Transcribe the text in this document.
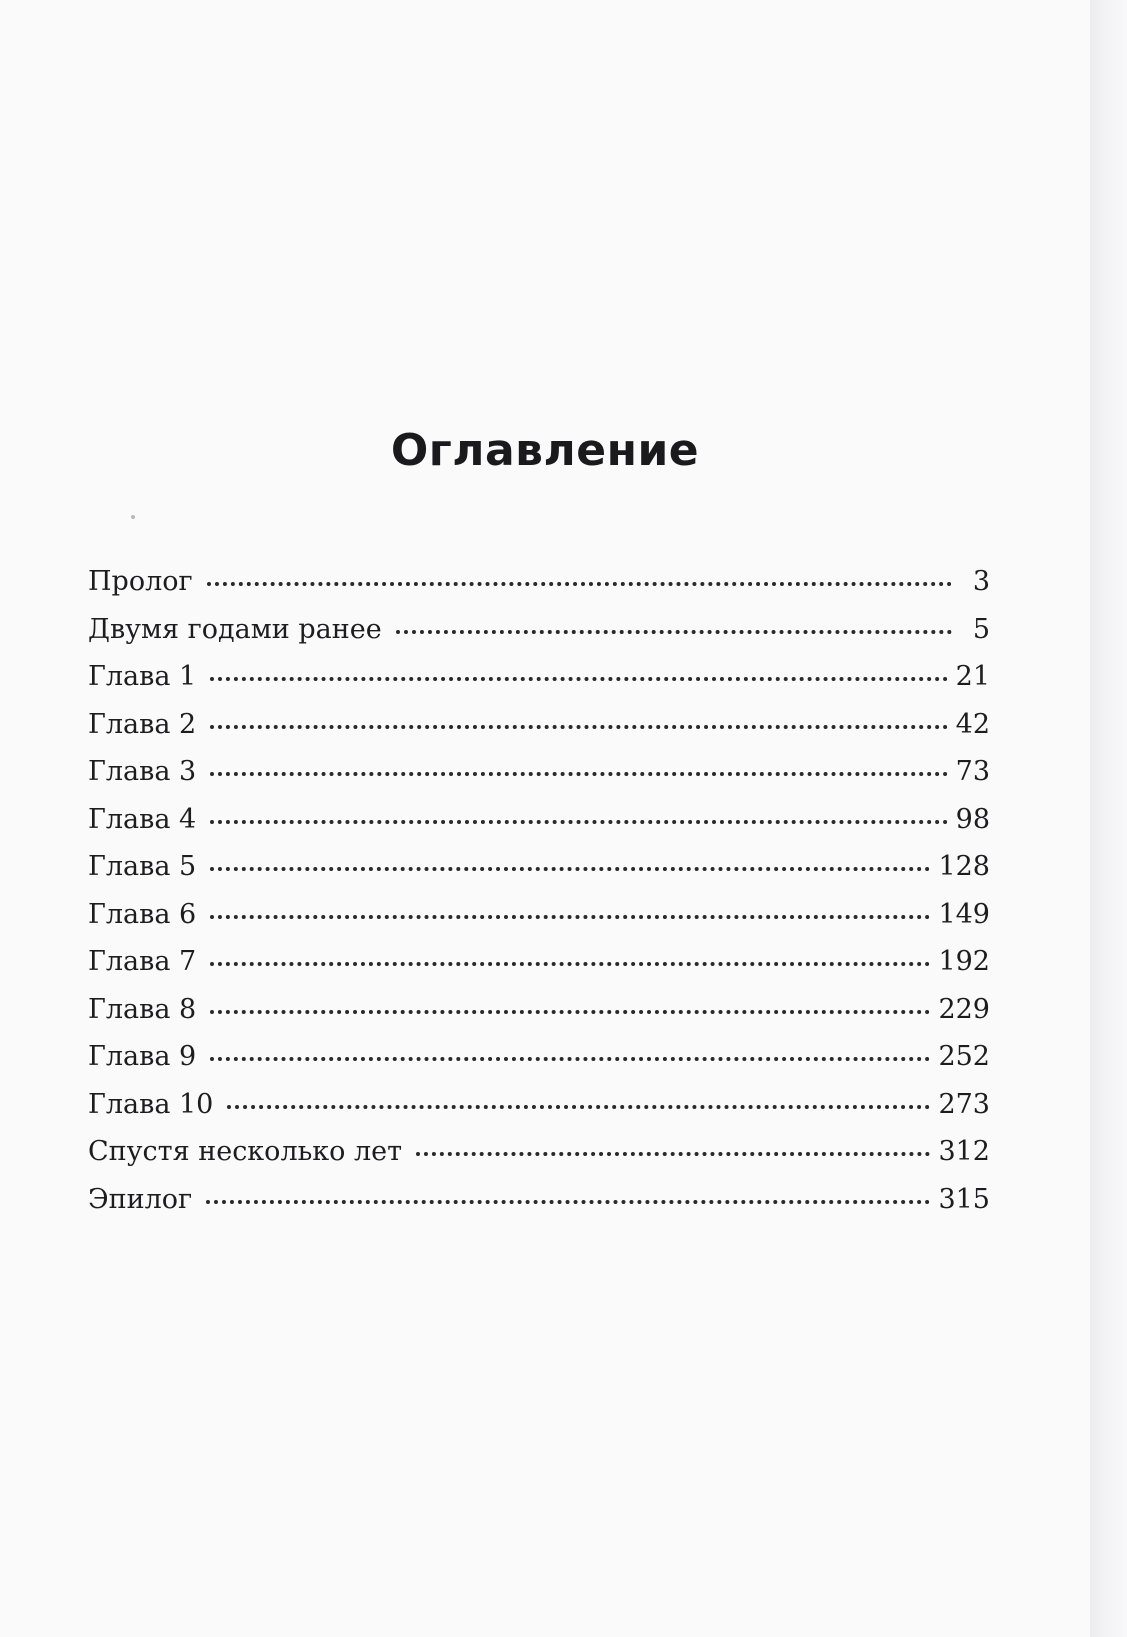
Оглавление
Пролог	3
Двумя годами ранее	5
Глава 1	21
Глава 2	42
Глава 3	73
Глава 4	98
Глава 5	128
Глава 6	149
Глава 7	192
Глава 8	229
Глава 9	252
Глава 10	273
Спустя несколько лет	312
Эпилог	315
